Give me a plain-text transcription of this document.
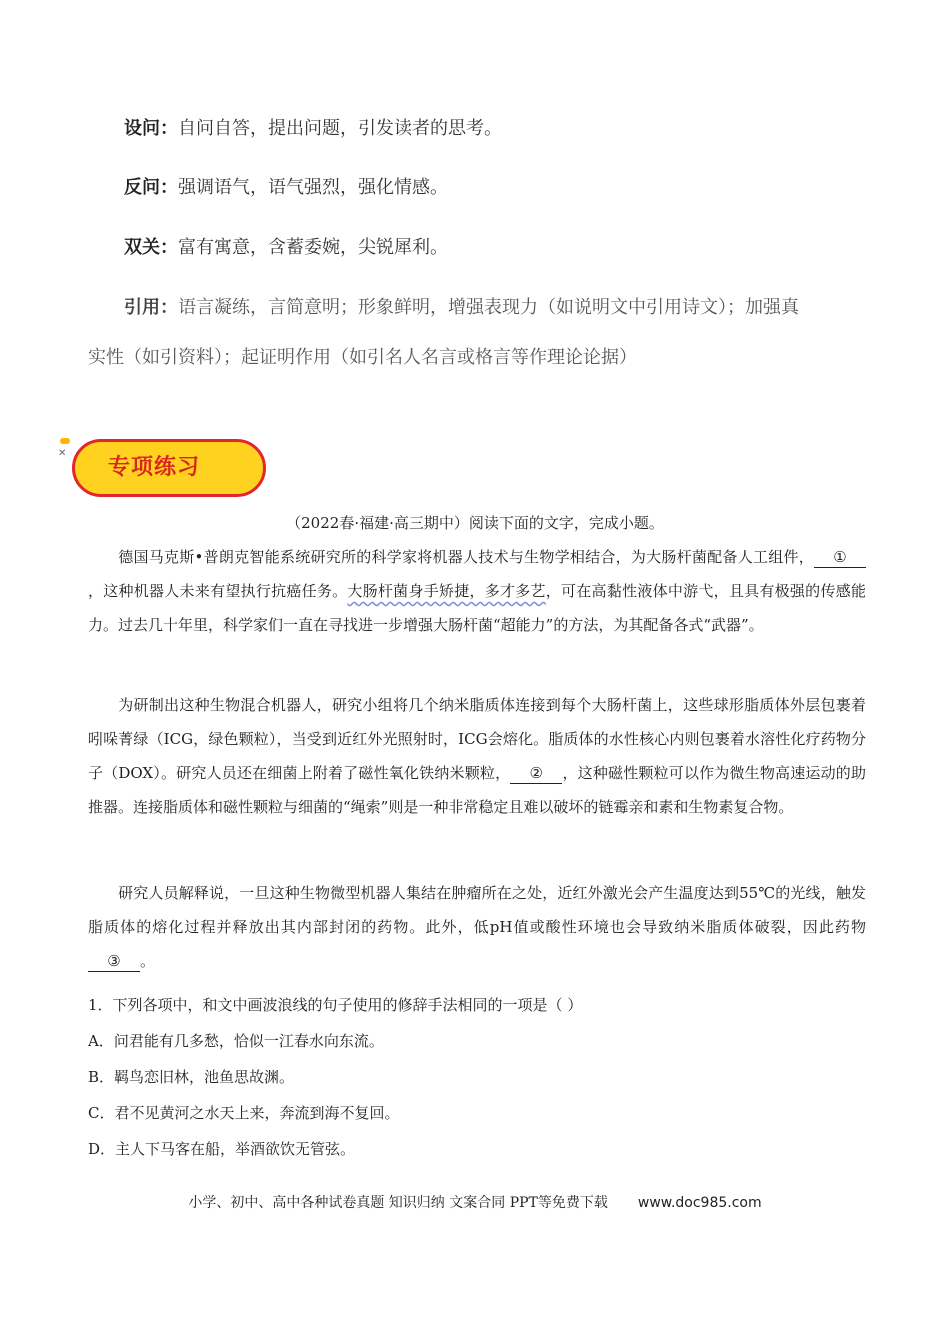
设问：自问自答，提出问题，引发读者的思考。
反问：强调语气，语气强烈，强化情感。
双关：富有寓意，含蓄委婉，尖锐犀利。
引用：语言凝练，言简意明；形象鲜明，增强表现力（如说明文中引用诗文）；加强真
实性（如引资料）；起证明作用（如引名人名言或格言等作理论论据）
✕
专项练习
（2022春·福建·高三期中）阅读下面的文字，完成小题。
德国马克斯•普朗克智能系统研究所的科学家将机器人技术与生物学相结合，为大肠杆菌配备人工组件， ①，这种机器人未来有望执行抗癌任务。大肠杆菌身手矫捷，多才多艺，可在高黏性液体中游弋，且具有极强的传感能力。过去几十年里，科学家们一直在寻找进一步增强大肠杆菌“超能力”的方法，为其配备各式“武器”。
为研制出这种生物混合机器人，研究小组将几个纳米脂质体连接到每个大肠杆菌上，这些球形脂质体外层包裹着吲哚菁绿（ICG，绿色颗粒），当受到近红外光照射时，ICG会熔化。脂质体的水性核心内则包裹着水溶性化疗药物分子（DOX）。研究人员还在细菌上附着了磁性氧化铁纳米颗粒， ② ，这种磁性颗粒可以作为微生物高速运动的助推器。连接脂质体和磁性颗粒与细菌的“绳索”则是一种非常稳定且难以破坏的链霉亲和素和生物素复合物。
研究人员解释说，一旦这种生物微型机器人集结在肿瘤所在之处，近红外激光会产生温度达到55℃的光线，触发脂质体的熔化过程并释放出其内部封闭的药物。此外，低pH值或酸性环境也会导致纳米脂质体破裂，因此药物③ 。
1．下列各项中，和文中画波浪线的句子使用的修辞手法相同的一项是（ ）
A．问君能有几多愁，恰似一江春水向东流。
B．羁鸟恋旧林，池鱼思故渊。
C．君不见黄河之水天上来，奔流到海不复回。
D．主人下马客在船，举酒欲饮无管弦。
小学、初中、高中各种试卷真题 知识归纳 文案合同 PPT等免费下载 www.doc985.com
